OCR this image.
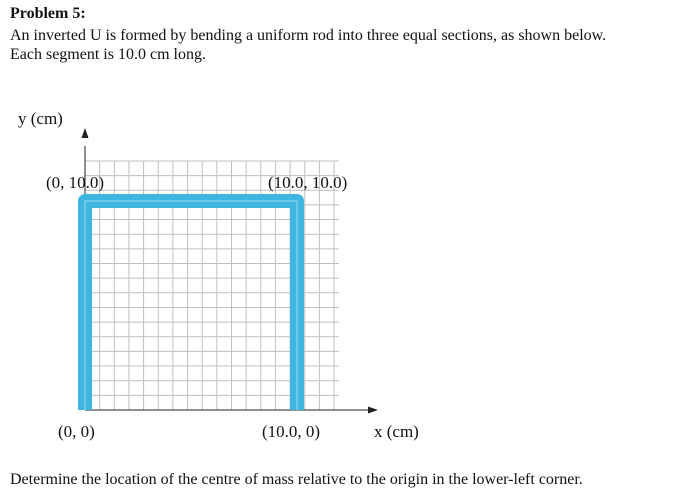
Problem 5:

An inverted U is formed by bending a uniform rod into three equal sections, as shown below.
Each segment is 10.0 cm long.

y (cm)
(0, 10.0)	(10.0, 10.0)
(0, 0)	(10.0, 0)	x (cm)

Determine the location of the centre of mass relative to the origin in the lower-left corner.
